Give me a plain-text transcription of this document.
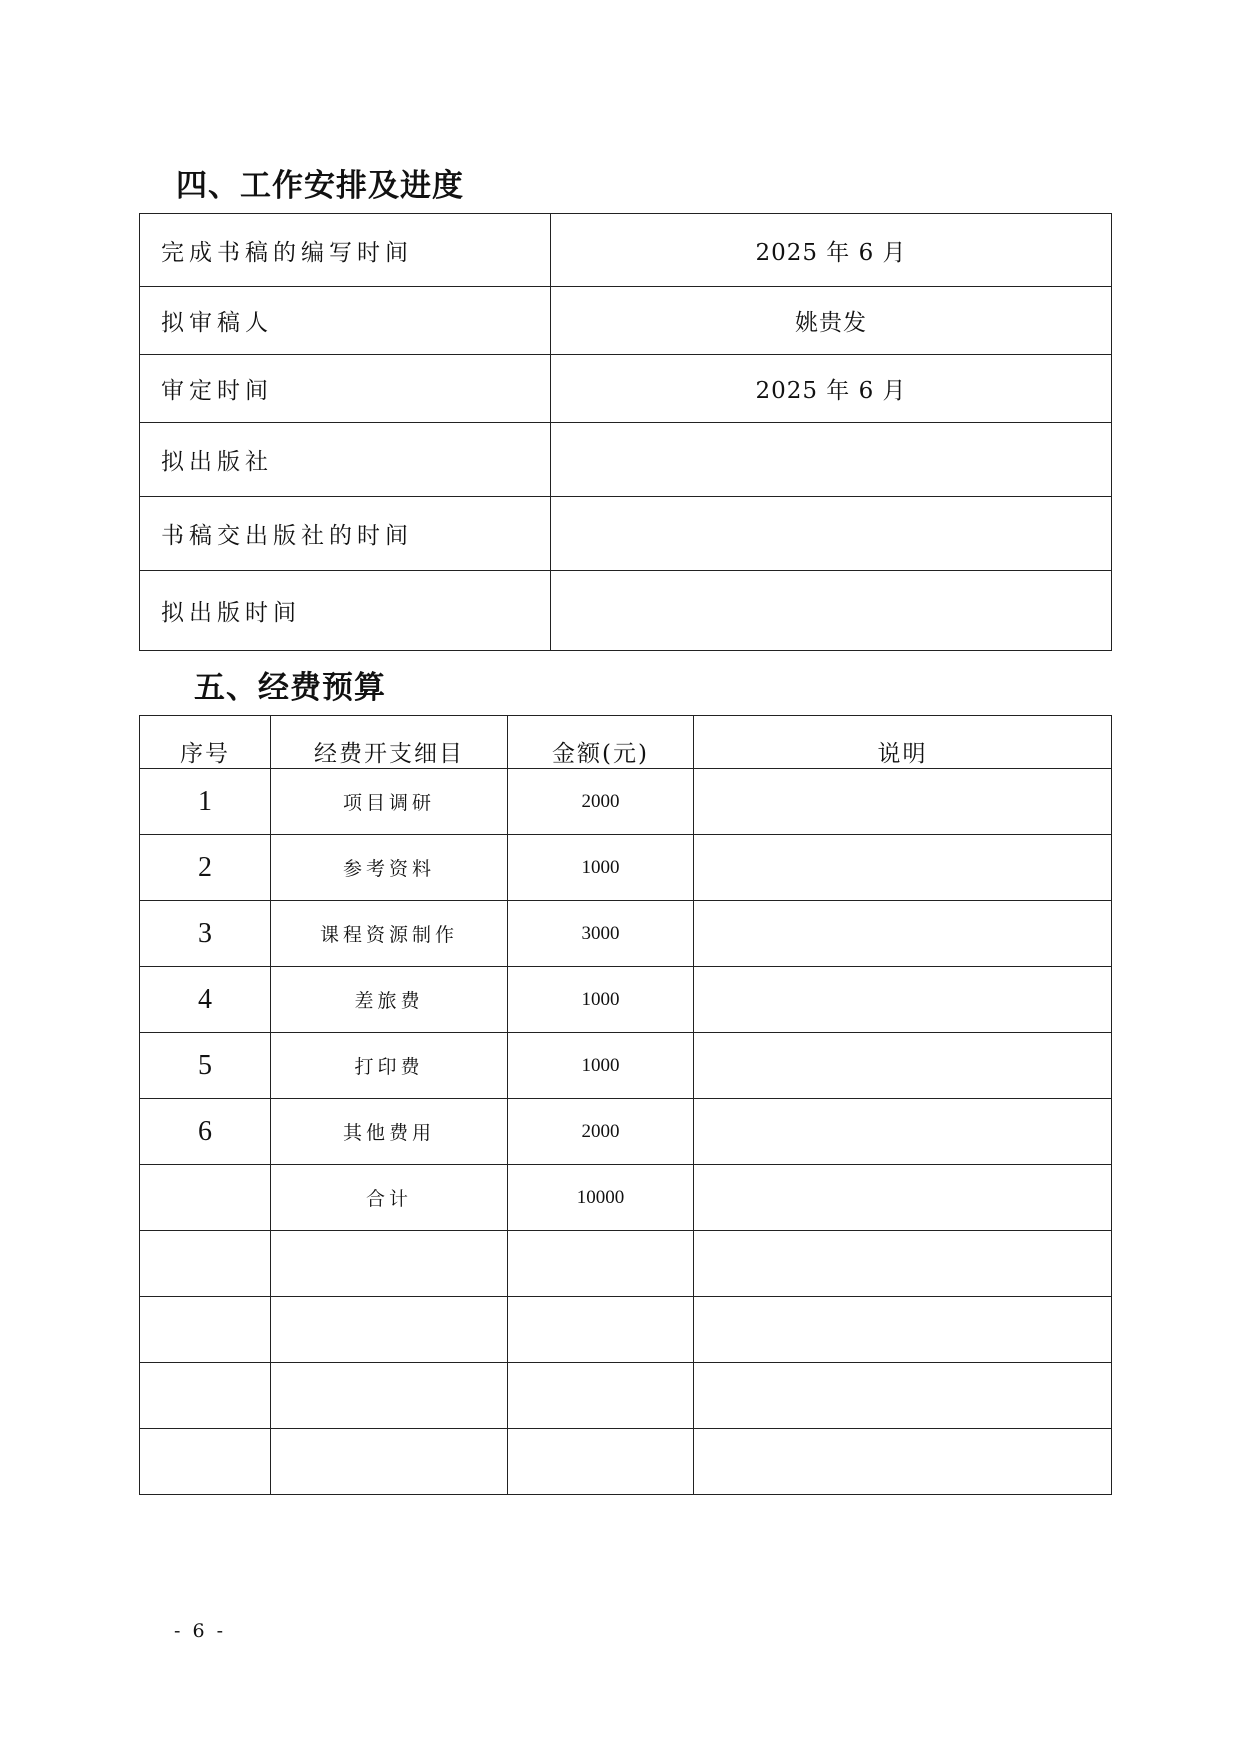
四、工作安排及进度
完成书稿的编写时间	2025 年 6 月
拟审稿人	姚贵发
审定时间	2025 年 6 月
拟出版社	
书稿交出版社的时间	
拟出版时间	
五、经费预算
序号	经费开支细目	金额(元)	说明
1	项目调研	2000	
2	参考资料	1000	
3	课程资源制作	3000	
4	差旅费	1000	
5	打印费	1000	
6	其他费用	2000	
	合计	10000	

- 6 -
